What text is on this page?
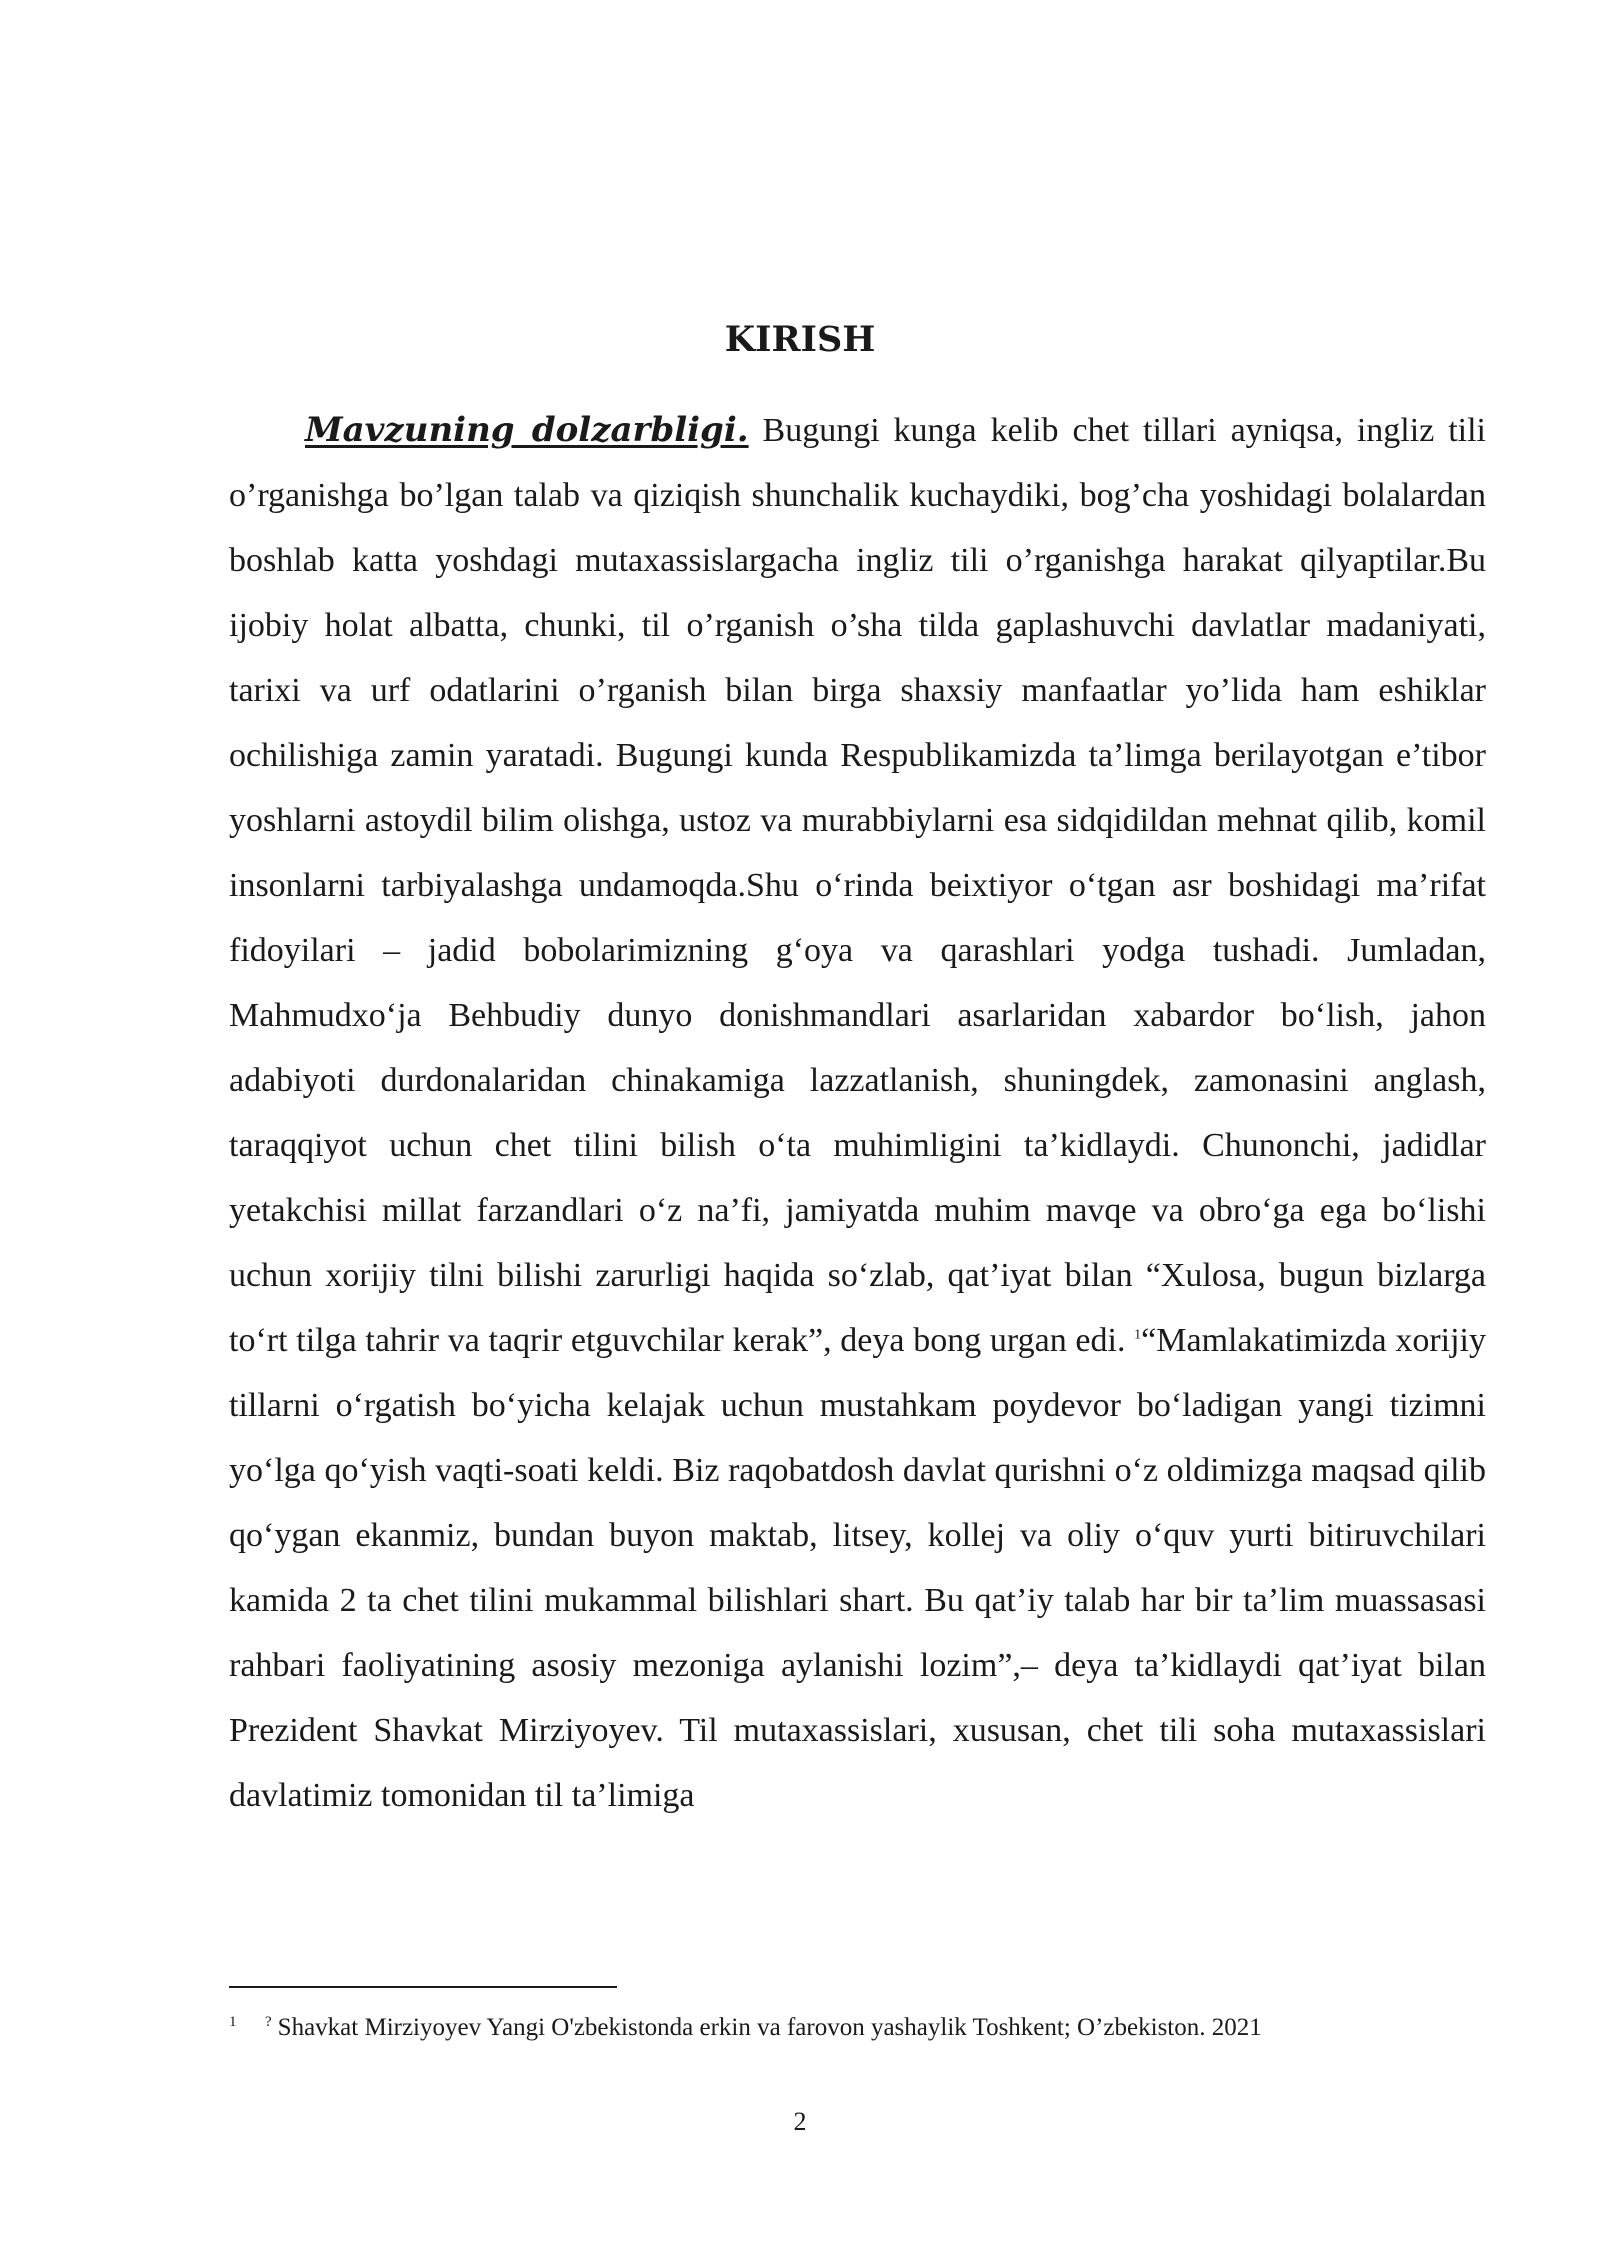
KIRISH

Mavzuning dolzarbligi. Bugungi kunga kelib chet tillari ayniqsa, ingliz tili o’rganishga bo’lgan talab va qiziqish shunchalik kuchaydiki, bog’cha yoshidagi bolalardan boshlab katta yoshdagi mutaxassislargacha ingliz tili o’rganishga harakat qilyaptilar.Bu ijobiy holat albatta, chunki, til o’rganish o’sha tilda gaplashuvchi davlatlar madaniyati, tarixi va urf odatlarini o’rganish bilan birga shaxsiy manfaatlar yo’lida ham eshiklar ochilishiga zamin yaratadi. Bugungi kunda Respublikamizda ta’limga berilayotgan e’tibor yoshlarni astoydil bilim olishga, ustoz va murabbiylarni esa sidqidildan mehnat qilib, komil insonlarni tarbiyalashga undamoqda.Shu o‘rinda beixtiyor o‘tgan asr boshidagi ma’rifat fidoyilari – jadid bobolarimizning g‘oya va qarashlari yodga tushadi. Jumladan, Mahmudxo‘ja Behbudiy dunyo donishmandlari asarlaridan xabardor bo‘lish, jahon adabiyoti durdonalaridan chinakamiga lazzatlanish, shuningdek, zamonasini anglash, taraqqiyot uchun chet tilini bilish o‘ta muhimligini ta’kidlaydi. Chunonchi, jadidlar yetakchisi millat farzandlari o‘z na’fi, jamiyatda muhim mavqe va obro‘ga ega bo‘lishi uchun xorijiy tilni bilishi zarurligi haqida so‘zlab, qat’iyat bilan “Xulosa, bugun bizlarga to‘rt tilga tahrir va taqrir etguvchilar kerak”, deya bong urgan edi. $^1$“Mamlakatimizda xorijiy tillarni o‘rgatish bo‘yicha kelajak uchun mustahkam poydevor bo‘ladigan yangi tizimni yo‘lga qo‘yish vaqti-soati keldi. Biz raqobatdosh davlat qurishni o‘z oldimizga maqsad qilib qo‘ygan ekanmiz, bundan buyon maktab, litsey, kollej va oliy o‘quv yurti bitiruvchilari kamida 2 ta chet tilini mukammal bilishlari shart. Bu qat’iy talab har bir ta’lim muassasasi rahbari faoliyatining asosiy mezoniga aylanishi lozim”,– deya ta’kidlaydi qat’iyat bilan Prezident Shavkat Mirziyoyev. Til mutaxassislari, xususan, chet tili soha mutaxassislari davlatimiz tomonidan til ta’limiga

1 ? Shavkat Mirziyoyev Yangi O'zbekistonda erkin va farovon yashaylik Toshkent; O’zbekiston. 2021

2
